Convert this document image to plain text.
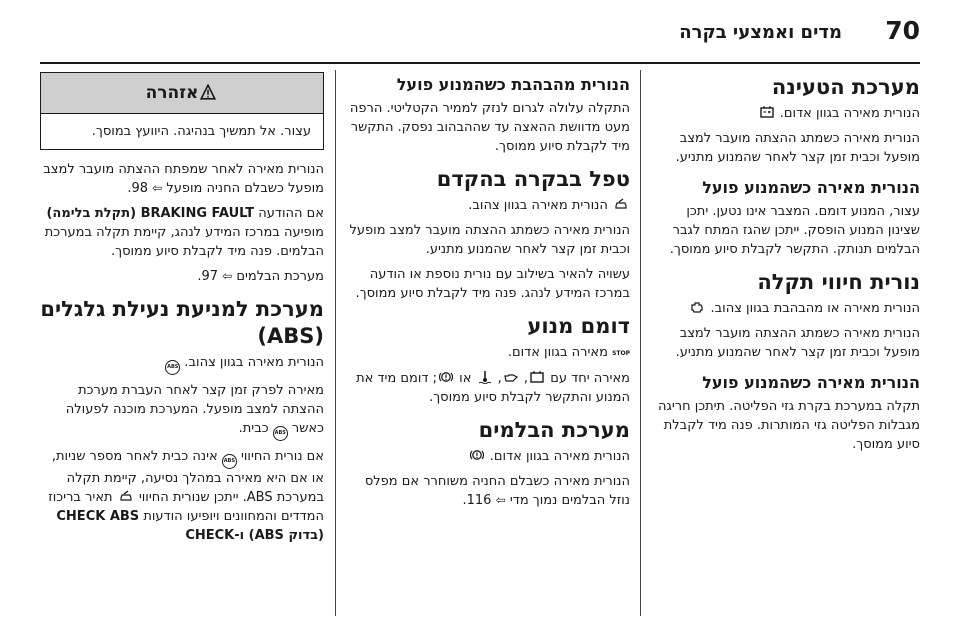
70
מדים ואמצעי בקרה
מערכת הטעינה

הנורית מאירה בגוון אדום.

הנורית מאירה כשמתג ההצתה מועבר למצב מופעל וכבית זמן קצר לאחר שהמנוע מתניע.

הנורית מאירה כשהמנוע פועל

עצור, המנוע דומם. המצבר אינו נטען. יתכן שצינון המנוע הופסק. ייתכן שהגז המתח לגבר הבלמים תנותק. התקשר לקבלת סיוע ממוסך.

נורית חיווי תקלה

הנורית מאירה או מהבהבת בגוון צהוב.

הנורית מאירה כשמתג ההצתה מועבר למצב מופעל וכבית זמן קצר לאחר שהמנוע מתניע.

הנורית מאירה כשהמנוע פועל

תקלה במערכת בקרת גזי הפליטה. תיתכן חריגה מגבלות הפליטה גזי המותרות. פנה מיד לקבלת סיוע ממוסך.

הנורית מהבהבת כשהמנוע פועל

התקלה עלולה לגרום לנזק לממיר הקטליטי. הרפה מעט מדוושת ההאצה עד שההבהוב נפסק. התקשר מיד לקבלת סיוע ממוסך.

טפל בבקרה בהקדם

הנורית מאירה בגוון צהוב.

הנורית מאירה כשמתג ההצתה מועבר למצב מופעל וכבית זמן קצר לאחר שהמנוע מתניע.

עשויה להאיר בשילוב עם נורית נוספת או הודעה במרכז המידע לנהג. פנה מיד לקבלת סיוע ממוסך.

דומם מנוע

STOP מאירה בגוון אדום.

מאירה יחד עם
,
,
או
; דומם מיד את המנוע והתקשר לקבלת סיוע ממוסך.

מערכת הבלמים

הנורית מאירה בגוון אדום.

הנורית מאירה כשבלם החניה משוחרר אם מפלס נוזל הבלמים נמוך מדי ⇦ 116.

אזהרה
עצור. אל תמשיך בנהיגה. היוועץ במוסך.

הנורית מאירה לאחר שמפתח ההצתה מועבר למצב מופעל כשבלם החניה מופעל ⇦ 98.

אם ההודעה BRAKING FAULT (תקלת בלימה) מופיעה במרכז המידע לנהג, קיימת תקלה במערכת הבלמים. פנה מיד לקבלת סיוע ממוסך.

מערכת הבלמים ⇦ 97.

מערכת למניעת נעילת גלגלים (ABS)

הנורית מאירה בגוון צהוב. ABS

מאירה לפרק זמן קצר לאחר העברת מערכת ההצתה למצב מופעל. המערכת מוכנה לפעולה כאשר ABS כבית.

אם נורית החיווי ABS אינה כבית לאחר מספר שניות, או אם היא מאירה במהלך נסיעה, קיימת תקלה במערכת ABS. ייתכן שנורית החיווי
תאיר בריכוז המדדים והמחוונים ויופיעו הודעות CHECK ABS (בדוק ABS) ו-CHECK
